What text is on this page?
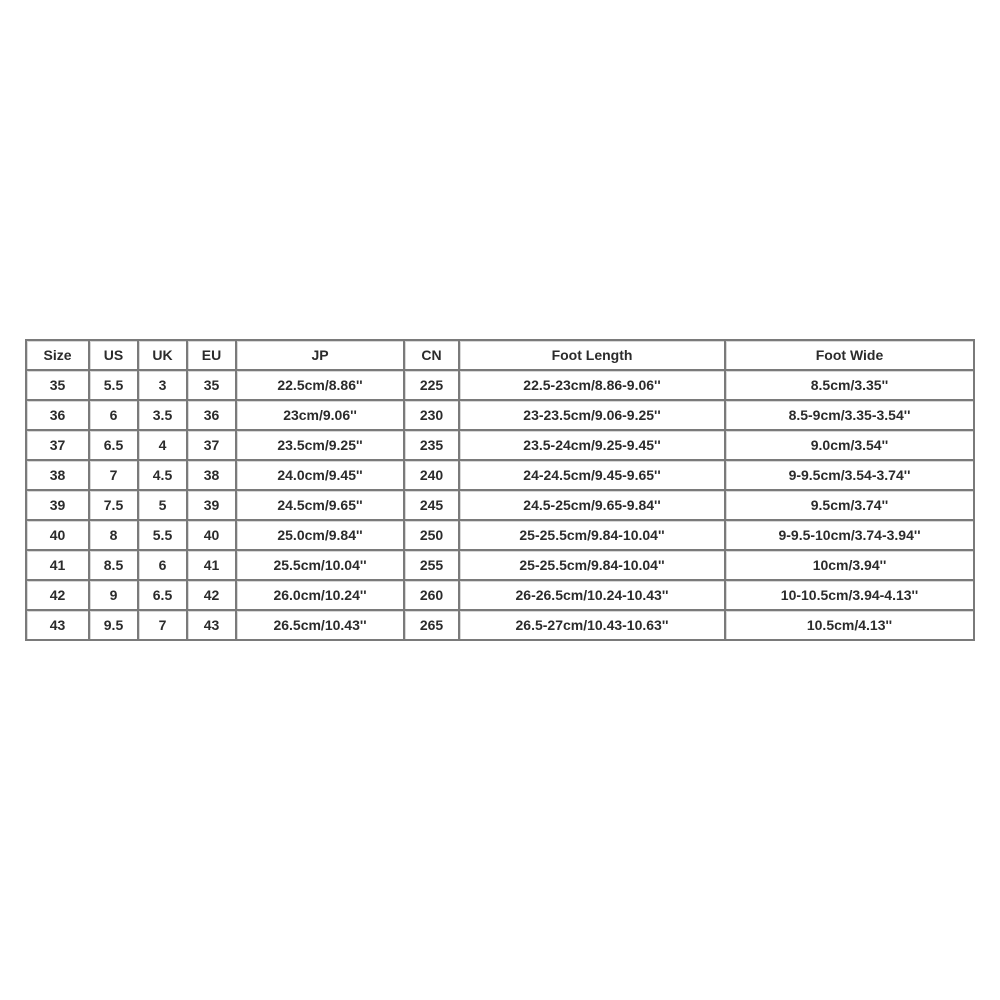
Size	US	UK	EU	JP	CN	Foot Length	Foot Wide
35	5.5	3	35	22.5cm/8.86''	225	22.5-23cm/8.86-9.06''	8.5cm/3.35''
36	6	3.5	36	23cm/9.06''	230	23-23.5cm/9.06-9.25''	8.5-9cm/3.35-3.54''
37	6.5	4	37	23.5cm/9.25''	235	23.5-24cm/9.25-9.45''	9.0cm/3.54''
38	7	4.5	38	24.0cm/9.45''	240	24-24.5cm/9.45-9.65''	9-9.5cm/3.54-3.74''
39	7.5	5	39	24.5cm/9.65''	245	24.5-25cm/9.65-9.84''	9.5cm/3.74''
40	8	5.5	40	25.0cm/9.84''	250	25-25.5cm/9.84-10.04''	9-9.5-10cm/3.74-3.94''
41	8.5	6	41	25.5cm/10.04''	255	25-25.5cm/9.84-10.04''	10cm/3.94''
42	9	6.5	42	26.0cm/10.24''	260	26-26.5cm/10.24-10.43''	10-10.5cm/3.94-4.13''
43	9.5	7	43	26.5cm/10.43''	265	26.5-27cm/10.43-10.63''	10.5cm/4.13''
